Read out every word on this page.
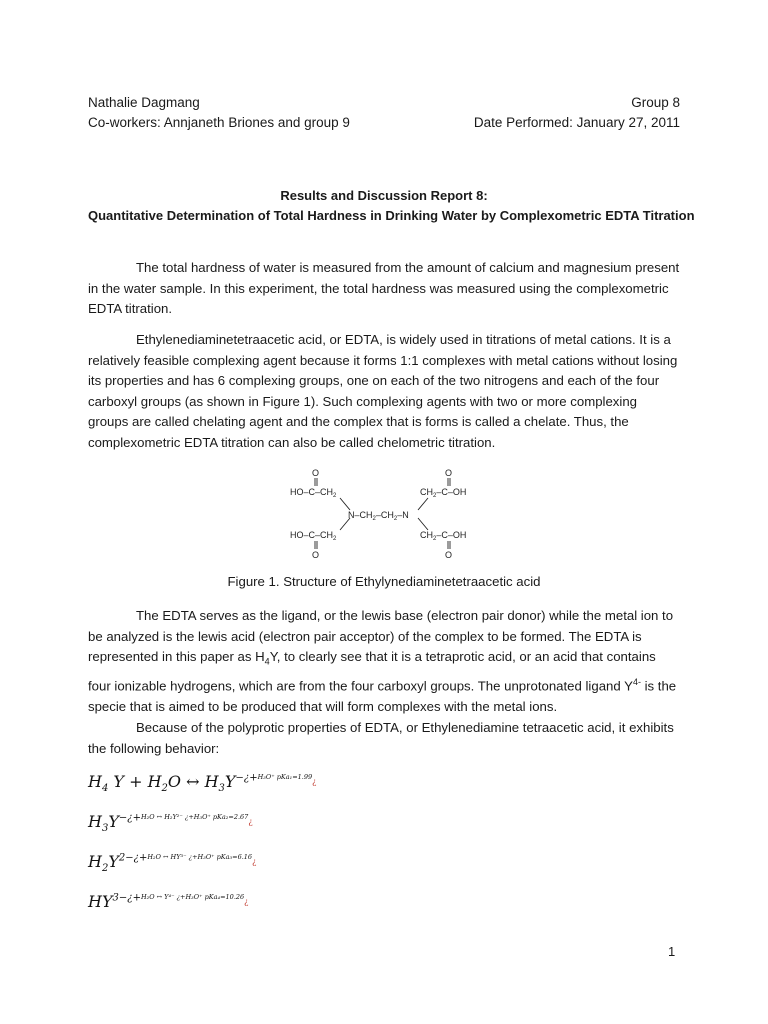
Nathalie Dagmang
Co-workers: Annjaneth Briones and group 9
Group 8
Date Performed: January 27, 2011
Results and Discussion Report 8:
Quantitative Determination of Total Hardness in Drinking Water by Complexometric EDTA Titration

The total hardness of water is measured from the amount of calcium and magnesium present in the water sample. In this experiment, the total hardness was measured using the complexometric EDTA titration.

Ethylenediaminetetraacetic acid, or EDTA, is widely used in titrations of metal cations. It is a relatively feasible complexing agent because it forms 1:1 complexes with metal cations without losing its properties and has 6 complexing groups, one on each of the two nitrogens and each of the four carboxyl groups (as shown in Figure 1). Such complexing agents with two or more complexing groups are called chelating agent and the complex that is forms is called a chelate. Thus, the complexometric EDTA titration can also be called chelometric titration.

O
$HO-C-CH_2$
O
$CH_2-C-OH$
$N-CH_2-CH_2-N$
$HO-C-CH_2$
O
$CH_2-C-OH$
O
Figure 1. Structure of Ethylynediaminetetraacetic acid

The EDTA serves as the ligand, or the lewis base (electron pair donor) while the metal ion to be analyzed is the lewis acid (electron pair acceptor) of the complex to be formed. The EDTA is represented in this paper as $H_4Y$, to clearly see that it is a tetraprotic acid, or an acid that contains four ionizable hydrogens, which are from the four carboxyl groups. The unprotonated ligand $Y^{4-}$ is the specie that is aimed to be produced that will form complexes with the metal ions.

Because of the polyprotic properties of EDTA, or Ethylenediamine tetraacetic acid, it exhibits the following behavior:

$H_4$ $Y + H_2O$ ↔ $H_3Y^{-¿+H_3O^+ pKa_1=1.99}¿$
$H_3Y^{-¿+H_2O \leftrightarrow H_2Y^{2-} ¿+H_3O^+ pKa_2=2.67}¿$
$H_2Y^{2-¿+H_2O \leftrightarrow HY^{3-} ¿+H_3O^+ pKa_3=6.16}¿$
$HY^{3-¿+H_2O \leftrightarrow Y^{4-} ¿+H_3O^+ pKa_4=10.26}¿$
1
